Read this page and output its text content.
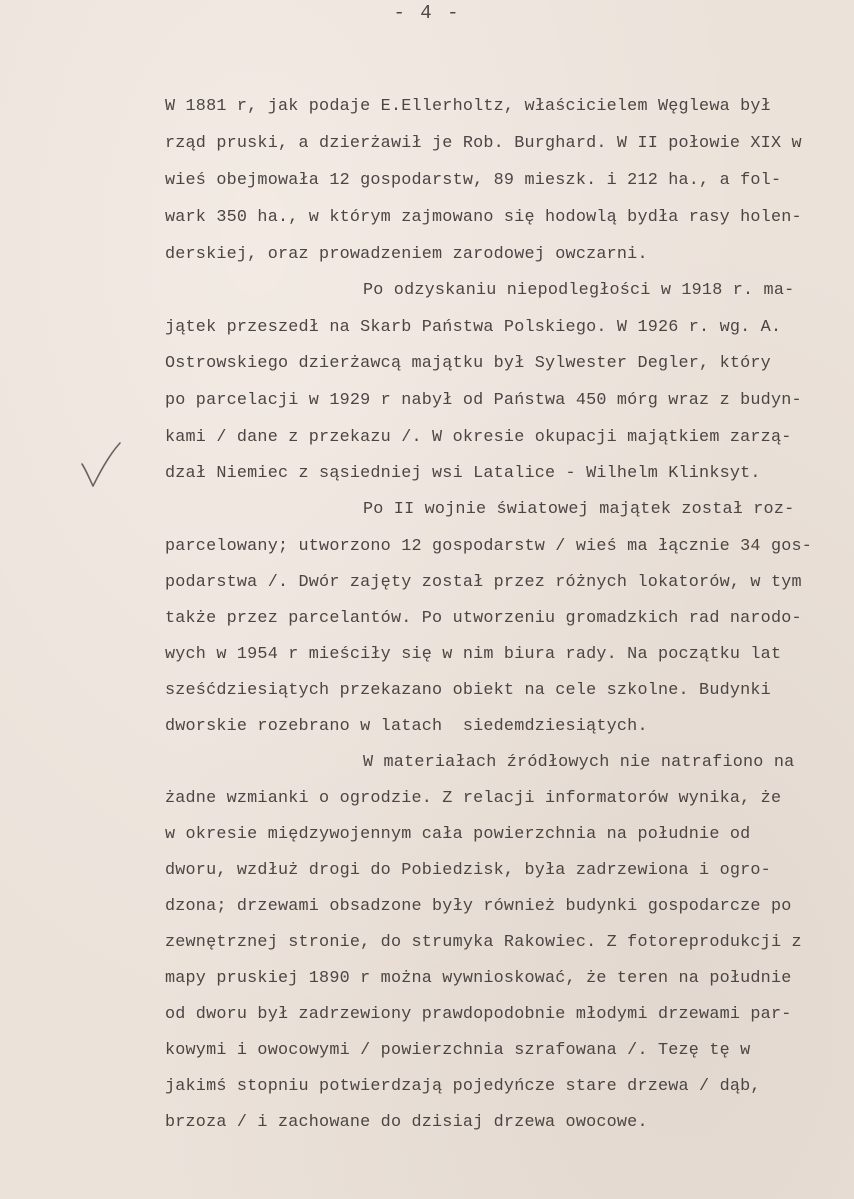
- 4 -
W 1881 r, jak podaje E.Ellerholtz, właścicielem Węglewa był
rząd pruski, a dzierżawił je Rob. Burghard. W II połowie XIX w
wieś obejmowała 12 gospodarstw, 89 mieszk. i 212 ha., a fol-
wark 350 ha., w którym zajmowano się hodowlą bydła rasy holen-
derskiej, oraz prowadzeniem zarodowej owczarni.
Po odzyskaniu niepodległości w 1918 r. ma-
jątek przeszedł na Skarb Państwa Polskiego. W 1926 r. wg. A.
Ostrowskiego dzierżawcą majątku był Sylwester Degler, który
po parcelacji w 1929 r nabył od Państwa 450 mórg wraz z budyn-
kami / dane z przekazu /. W okresie okupacji majątkiem zarzą-
dzał Niemiec z sąsiedniej wsi Latalice - Wilhelm Klinksyt.
Po II wojnie światowej majątek został roz-
parcelowany; utworzono 12 gospodarstw / wieś ma łącznie 34 gos-
podarstwa /. Dwór zajęty został przez różnych lokatorów, w tym
także przez parcelantów. Po utworzeniu gromadzkich rad narodo-
wych w 1954 r mieściły się w nim biura rady. Na początku lat
sześćdziesiątych przekazano obiekt na cele szkolne. Budynki
dworskie rozebrano w latach  siedemdziesiątych.
W materiałach źródłowych nie natrafiono na
żadne wzmianki o ogrodzie. Z relacji informatorów wynika, że
w okresie międzywojennym cała powierzchnia na południe od
dworu, wzdłuż drogi do Pobiedzisk, była zadrzewiona i ogro-
dzona; drzewami obsadzone były również budynki gospodarcze po
zewnętrznej stronie, do strumyka Rakowiec. Z fotoreprodukcji z
mapy pruskiej 1890 r można wywnioskować, że teren na południe
od dworu był zadrzewiony prawdopodobnie młodymi drzewami par-
kowymi i owocowymi / powierzchnia szrafowana /. Tezę tę w
jakimś stopniu potwierdzają pojedyńcze stare drzewa / dąb,
brzoza / i zachowane do dzisiaj drzewa owocowe.
